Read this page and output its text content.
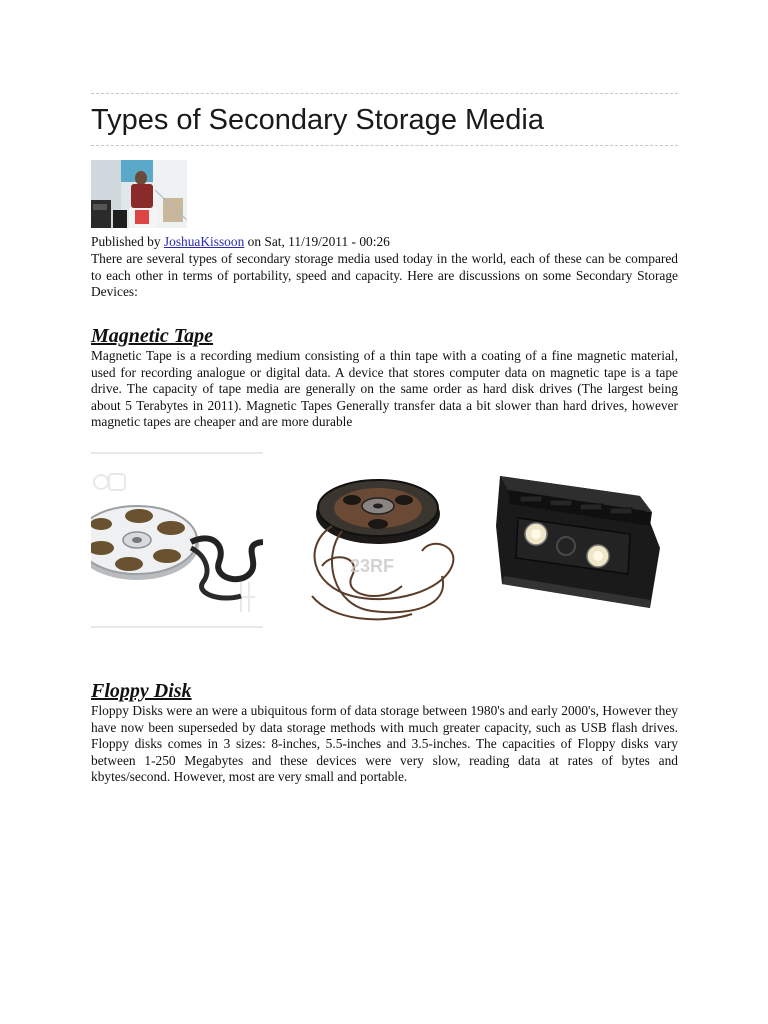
Types of Secondary Storage Media
Published by JoshuaKissoon on Sat, 11/19/2011 - 00:26

There are several types of secondary storage media used today in the world, each of these can be compared to each other in terms of portability, speed and capacity. Here are discussions on some Secondary Storage Devices:

Magnetic Tape

Magnetic Tape is a recording medium consisting of a thin tape with a coating of a fine magnetic material, used for recording analogue or digital data. A device that stores computer data on magnetic tape is a tape drive. The capacity of tape media are generally on the same order as hard disk drives (The largest being about 5 Terabytes in 2011). Magnetic Tapes Generally transfer data a bit slower than hard drives, however magnetic tapes are cheaper and are more durable

23RF
Floppy Disk

Floppy Disks were an were a ubiquitous form of data storage between 1980's and early 2000's, However they have now been superseded by data storage methods with much greater capacity, such as USB flash drives. Floppy disks comes in 3 sizes: 8-inches, 5.5-inches and 3.5-inches. The capacities of Floppy disks vary between 1-250 Megabytes and these devices were very slow, reading data at rates of bytes and kbytes/second. However, most are very small and portable.
